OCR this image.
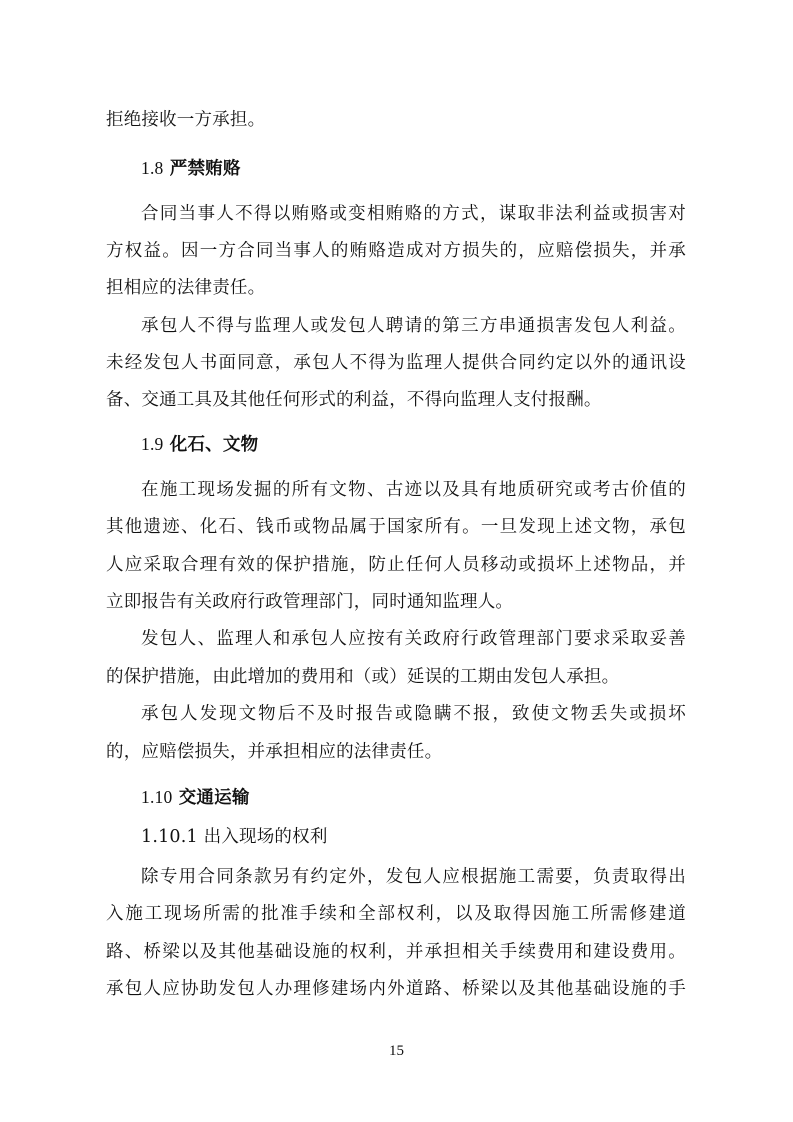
拒绝接收一方承担。
1.8 严禁贿赂
合同当事人不得以贿赂或变相贿赂的方式，谋取非法利益或损害对
方权益。因一方合同当事人的贿赂造成对方损失的，应赔偿损失，并承
担相应的法律责任。
承包人不得与监理人或发包人聘请的第三方串通损害发包人利益。
未经发包人书面同意，承包人不得为监理人提供合同约定以外的通讯设
备、交通工具及其他任何形式的利益，不得向监理人支付报酬。
1.9 化石、文物
在施工现场发掘的所有文物、古迹以及具有地质研究或考古价值的
其他遗迹、化石、钱币或物品属于国家所有。一旦发现上述文物，承包
人应采取合理有效的保护措施，防止任何人员移动或损坏上述物品，并
立即报告有关政府行政管理部门，同时通知监理人。
发包人、监理人和承包人应按有关政府行政管理部门要求采取妥善
的保护措施，由此增加的费用和（或）延误的工期由发包人承担。
承包人发现文物后不及时报告或隐瞒不报，致使文物丢失或损坏
的，应赔偿损失，并承担相应的法律责任。
1.10 交通运输
1.10.1 出入现场的权利
除专用合同条款另有约定外，发包人应根据施工需要，负责取得出
入施工现场所需的批准手续和全部权利，以及取得因施工所需修建道
路、桥梁以及其他基础设施的权利，并承担相关手续费用和建设费用。
承包人应协助发包人办理修建场内外道路、桥梁以及其他基础设施的手
15
